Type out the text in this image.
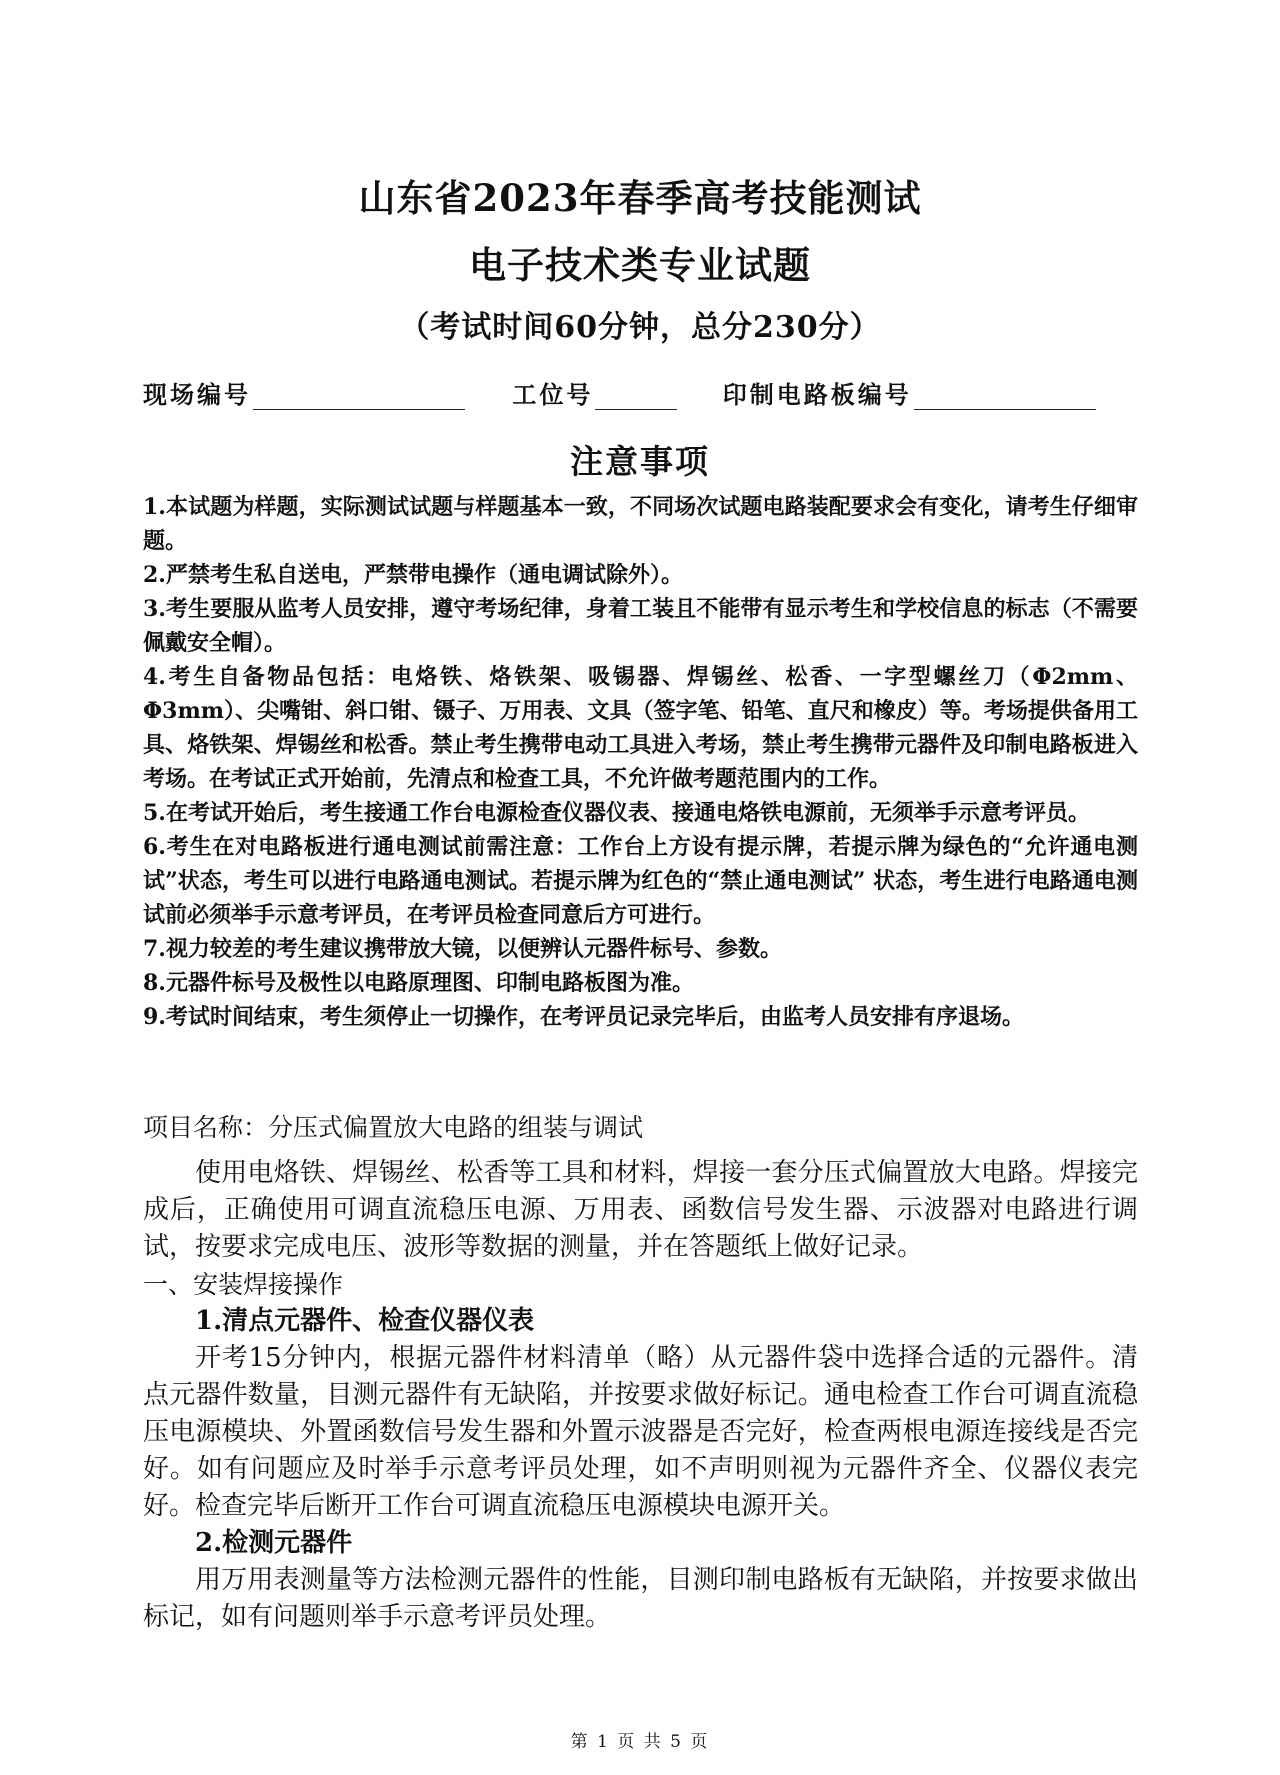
山东省2023年春季高考技能测试
电子技术类专业试题
（考试时间60分钟，总分230分）
现场编号	工位号	印制电路板编号
注意事项

1.本试题为样题，实际测试试题与样题基本一致，不同场次试题电路装配要求会有变化，请考生仔细审题。

2.严禁考生私自送电，严禁带电操作（通电调试除外）。

3.考生要服从监考人员安排，遵守考场纪律，身着工装且不能带有显示考生和学校信息的标志（不需要佩戴安全帽）。

4.考生自备物品包括：电烙铁、烙铁架、吸锡器、焊锡丝、松香、一字型螺丝刀（Φ2mm、Φ3mm）、尖嘴钳、斜口钳、镊子、万用表、文具（签字笔、铅笔、直尺和橡皮）等。考场提供备用工具、烙铁架、焊锡丝和松香。禁止考生携带电动工具进入考场，禁止考生携带元器件及印制电路板进入考场。在考试正式开始前，先清点和检查工具，不允许做考题范围内的工作。

5.在考试开始后，考生接通工作台电源检查仪器仪表、接通电烙铁电源前，无须举手示意考评员。

6.考生在对电路板进行通电测试前需注意：工作台上方设有提示牌，若提示牌为绿色的“允许通电测试”状态，考生可以进行电路通电测试。若提示牌为红色的“禁止通电测试” 状态，考生进行电路通电测试前必须举手示意考评员，在考评员检查同意后方可进行。

7.视力较差的考生建议携带放大镜，以便辨认元器件标号、参数。

8.元器件标号及极性以电路原理图、印制电路板图为准。

9.考试时间结束，考生须停止一切操作，在考评员记录完毕后，由监考人员安排有序退场。

项目名称：分压式偏置放大电路的组装与调试

使用电烙铁、焊锡丝、松香等工具和材料，焊接一套分压式偏置放大电路。焊接完成后，正确使用可调直流稳压电源、万用表、函数信号发生器、示波器对电路进行调试，按要求完成电压、波形等数据的测量，并在答题纸上做好记录。

一、安装焊接操作

1.清点元器件、检查仪器仪表

开考15分钟内，根据元器件材料清单（略）从元器件袋中选择合适的元器件。清点元器件数量，目测元器件有无缺陷，并按要求做好标记。通电检查工作台可调直流稳压电源模块、外置函数信号发生器和外置示波器是否完好，检查两根电源连接线是否完好。如有问题应及时举手示意考评员处理，如不声明则视为元器件齐全、仪器仪表完好。检查完毕后断开工作台可调直流稳压电源模块电源开关。

2.检测元器件

用万用表测量等方法检测元器件的性能，目测印制电路板有无缺陷，并按要求做出标记，如有问题则举手示意考评员处理。

第 1 页 共 5 页
